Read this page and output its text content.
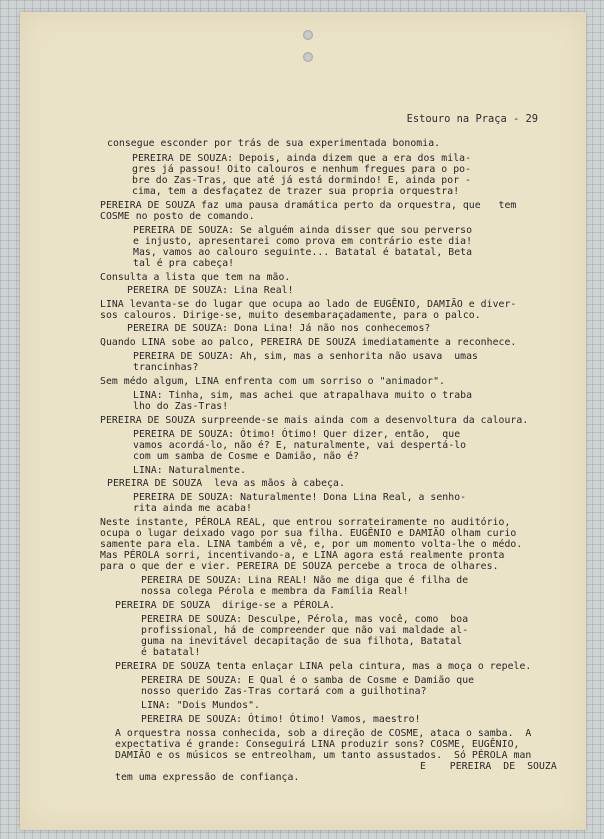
Estouro na Praça - 29
consegue esconder por trás de sua experimentada bonomia.
PEREIRA DE SOUZA: Depois, ainda dizem que a era dos mila-
gres já passou! Oito calouros e nenhum fregues para o po-
bre do Zas-Tras, que até já está dormindo! E, ainda por -
cima, tem a desfaçatez de trazer sua propria orquestra!
PEREIRA DE SOUZA faz uma pausa dramática perto da orquestra, que   tem
COSME no posto de comando.
PEREIRA DE SOUZA: Se alguém ainda disser que sou perverso
e injusto, apresentarei como prova em contrário este dia!
Mas, vamos ao calouro seguinte... Batatal é batatal, Beta
tal é pra cabeça!
Consulta a lista que tem na mão.
PEREIRA DE SOUZA: Lina Real!
LINA levanta-se do lugar que ocupa ao lado de EUGÊNIO, DAMIÃO e diver-
sos calouros. Dirige-se, muito desembaraçadamente, para o palco.
PEREIRA DE SOUZA: Dona Lina! Já não nos conhecemos?
Quando LINA sobe ao palco, PEREIRA DE SOUZA imediatamente a reconhece.
PEREIRA DE SOUZA: Ah, sim, mas a senhorita não usava  umas
trancinhas?
Sem médo algum, LINA enfrenta com um sorriso o "animador".
LINA: Tinha, sim, mas achei que atrapalhava muito o traba
lho do Zas-Tras!
PEREIRA DE SOUZA surpreende-se mais ainda com a desenvoltura da caloura.
PEREIRA DE SOUZA: Ótimo! Ótimo! Quer dizer, então,  que
vamos acordá-lo, não é? E, naturalmente, vai despertá-lo
com um samba de Cosme e Damião, não é?
LINA: Naturalmente.
PEREIRA DE SOUZA  leva as mãos à cabeça.
PEREIRA DE SOUZA: Naturalmente! Dona Lina Real, a senho-
rita ainda me acaba!
Neste instante, PÉROLA REAL, que entrou sorrateiramente no auditório,
ocupa o lugar deixado vago por sua filha. EUGÊNIO e DAMIÃO olham curio
samente para ela. LINA também a vê, e, por um momento volta-lhe o médo.
Mas PÉROLA sorri, incentivando-a, e LINA agora está realmente pronta
para o que der e vier. PEREIRA DE SOUZA percebe a troca de olhares.
PEREIRA DE SOUZA: Lina REAL! Não me diga que é filha de
nossa colega Pérola e membra da Família Real!
PEREIRA DE SOUZA  dirige-se a PÉROLA.
PEREIRA DE SOUZA: Desculpe, Pérola, mas você, como  boa
profissional, há de compreender que não vai maldade al-
guma na inevitável decapitação de sua filhota, Batatal
é batatal!
PEREIRA DE SOUZA tenta enlaçar LINA pela cintura, mas a moça o repele.
PEREIRA DE SOUZA: E Qual é o samba de Cosme e Damião que
nosso querido Zas-Tras cortará com a guilhotina?
LINA: "Dois Mundos".
PEREIRA DE SOUZA: Ótimo! Ótimo! Vamos, maestro!
A orquestra nossa conhecida, sob a direção de COSME, ataca o samba.  A
expectativa é grande: Conseguirá LINA produzir sons? COSME, EUGÊNIO,
DAMIÃO e os músicos se entreolham, um tanto assustados.  Só PÉROLA man
tem uma expressão de confiança.
E    PEREIRA  DE  SOUZA
